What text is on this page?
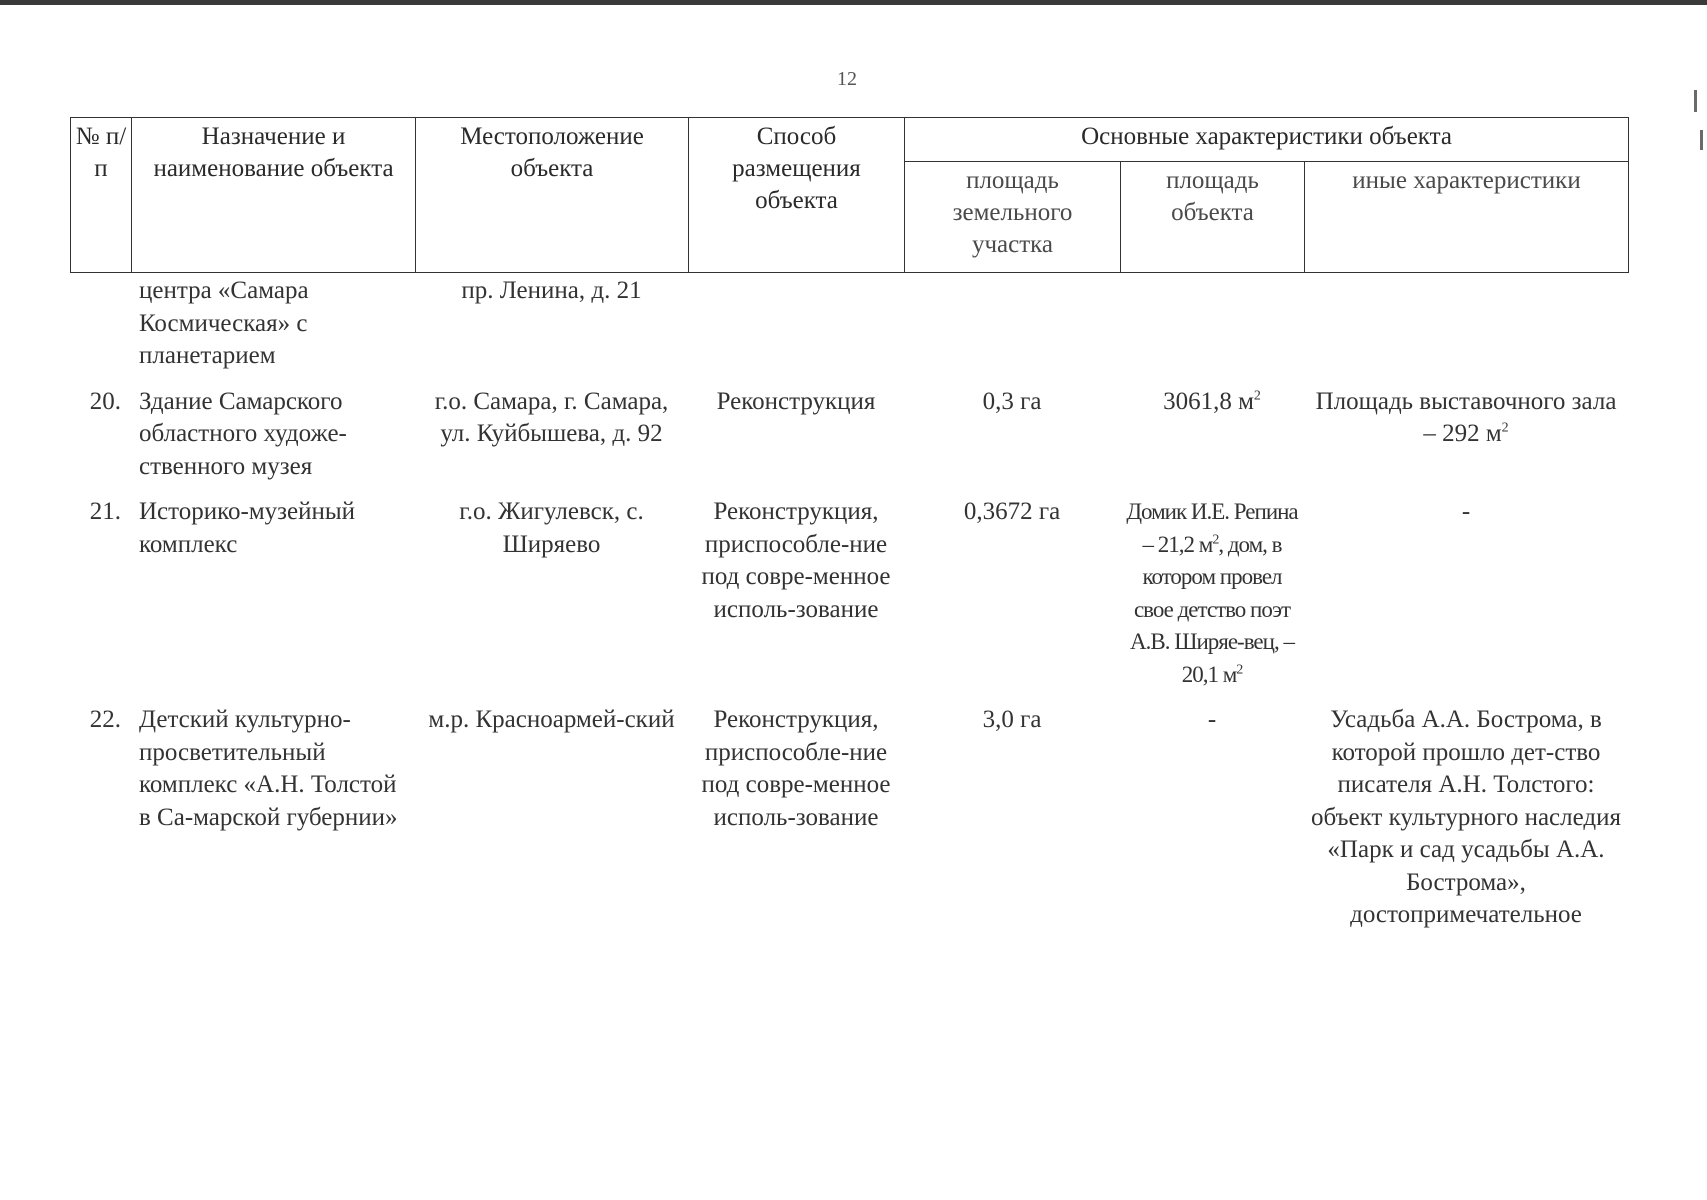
12
№ п/п	Назначение и наименование объекта	Местоположение объекта	Способ размещения объекта	Основные характеристики объекта		
				площадь земельного участка	площадь объекта	иные характеристики
	центра «Самара Космическая» с планетарием	пр. Ленина, д. 21				
20.	Здание Самарского областного художе-ственного музея	г.о. Самара, г. Самара, ул. Куйбышева, д. 92	Реконструкция	0,3 га	3061,8 $м^2$	Площадь выставочного зала – 292 $м^2$
21.	Историко-музейный комплекс	г.о. Жигулевск, с. Ширяево	Реконструкция, приспособле-ние под совре-менное исполь-зование	0,3672 га	Домик И.Е. Репина – 21,2 $м^2$, дом, в котором провел свое детство поэт А.В. Ширяе-вец, – 20,1 $м^2$	-
22.	Детский культурно-просветительный комплекс «А.Н. Толстой в Са-марской губернии»	м.р. Красноармей-ский	Реконструкция, приспособле-ние под совре-менное исполь-зование	3,0 га	-	Усадьба А.А. Бострома, в которой прошло дет-ство писателя А.Н. Толстого: объект культурного наследия «Парк и сад усадьбы А.А. Бострома», достопримечательное
